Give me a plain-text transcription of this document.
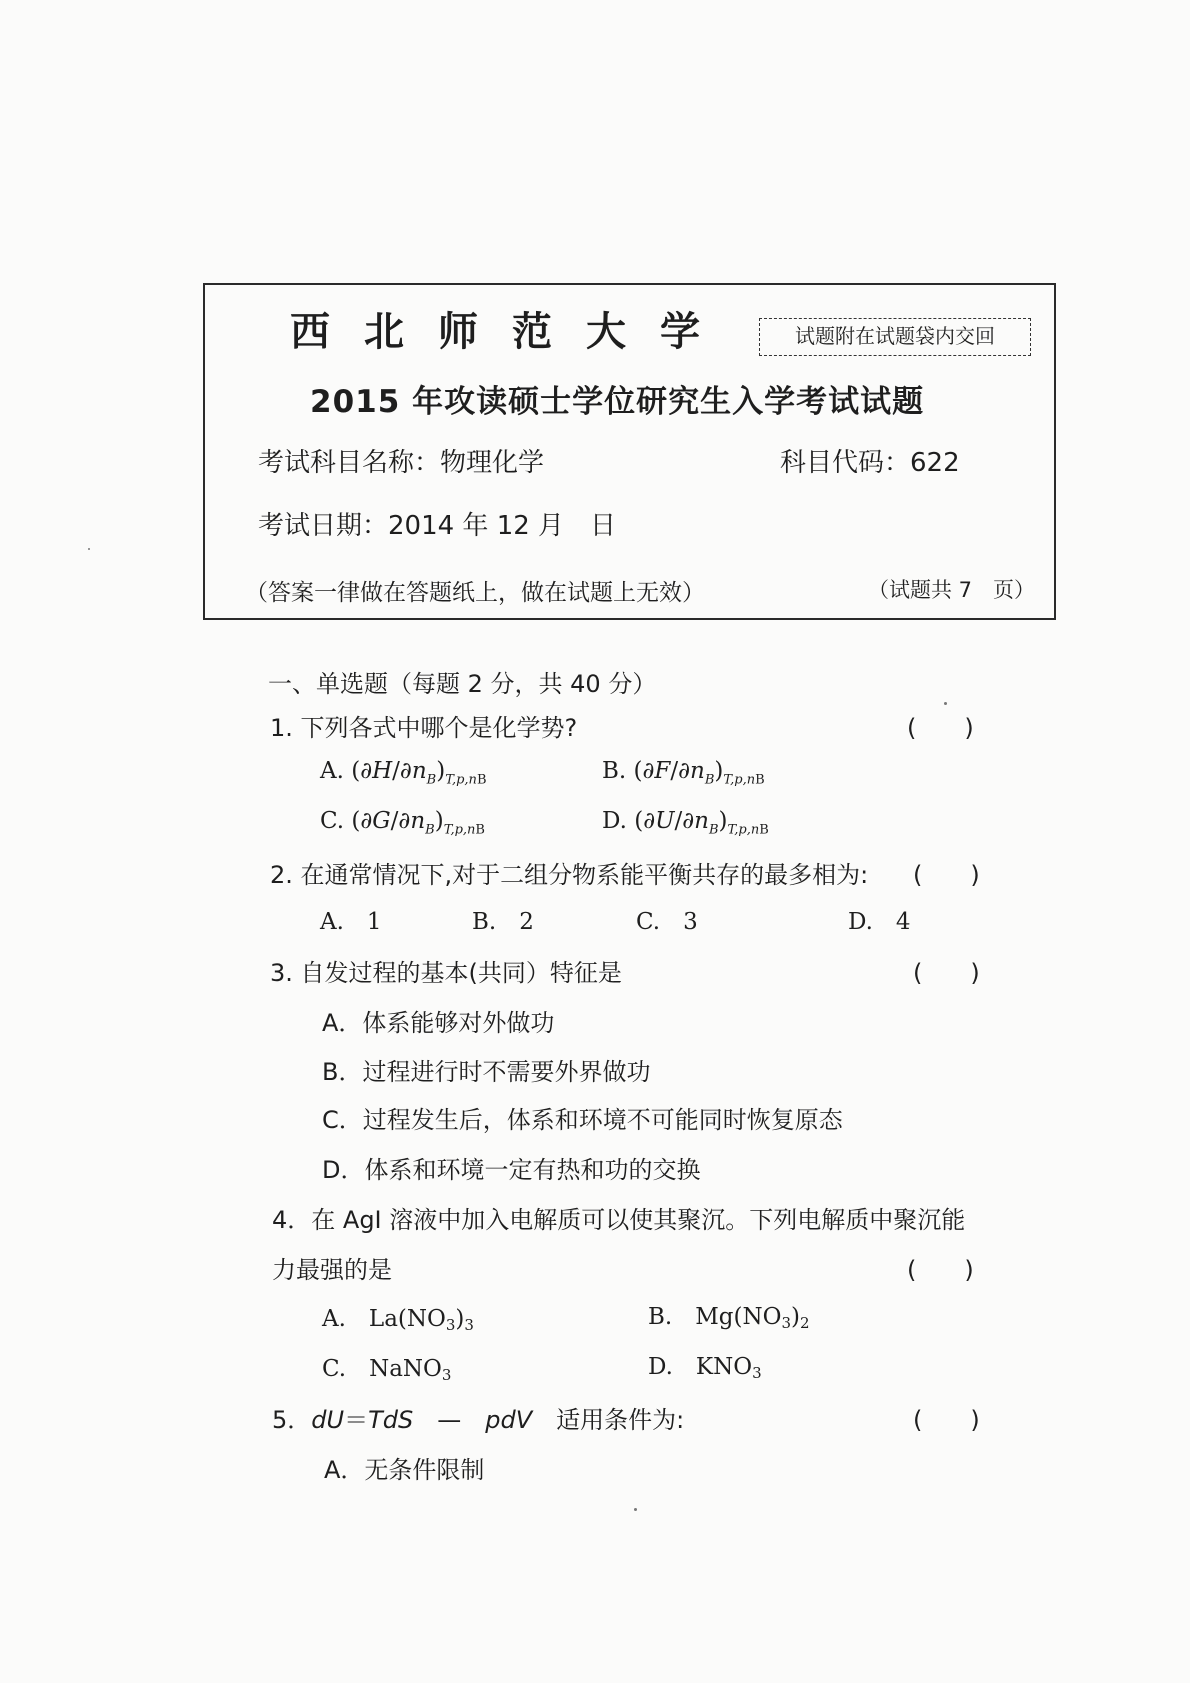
西北师范大学	试题附在试题袋内交回
2015 年攻读硕士学位研究生入学考试试题
考试科目名称：物理化学	科目代码：622
考试日期：2014 年 12 月　日
（答案一律做在答题纸上，做在试题上无效）	（试题共 7　页）
一、单选题（每题 2 分，共 40 分）
1. 下列各式中哪个是化学势?	(　　)
A. $(\partial H/\partial n_B)_{T,p,nB}$	B. $(\partial F/\partial n_B)_{T,p,nB}$
C. $(\partial G/\partial n_B)_{T,p,nB}$	D. $(\partial U/\partial n_B)_{T,p,nB}$
2. 在通常情况下,对于二组分物系能平衡共存的最多相为: (　　)
A.　1	B.　2	C.　3	D.　4
3. 自发过程的基本(共同）特征是	(　　)
A．体系能够对外做功
B．过程进行时不需要外界做功
C．过程发生后，体系和环境不可能同时恢复原态
D．体系和环境一定有热和功的交换
4．在 AgI 溶液中加入电解质可以使其聚沉。下列电解质中聚沉能
力最强的是	(　　)
A.　La(NO3)3	B.　Mg(NO3)2
C.　NaNO3	D.　KNO3
5．dU＝TdS　—　pdV　适用条件为:	(　　)
A．无条件限制
